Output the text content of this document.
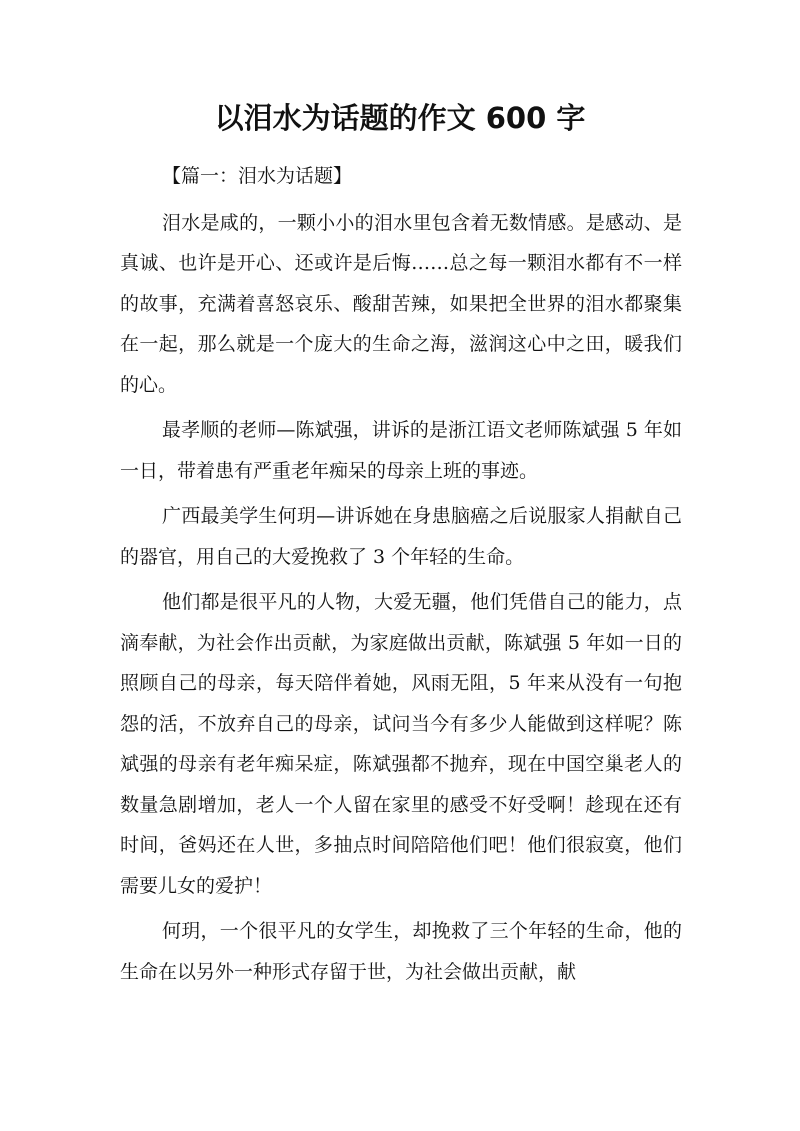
以泪水为话题的作文 600 字

【篇一：泪水为话题】

泪水是咸的，一颗小小的泪水里包含着无数情感。是感动、是真诚、也许是开心、还或许是后悔……总之每一颗泪水都有不一样的故事，充满着喜怒哀乐、酸甜苦辣，如果把全世界的泪水都聚集在一起，那么就是一个庞大的生命之海，滋润这心中之田，暖我们的心。

最孝顺的老师—陈斌强，讲诉的是浙江语文老师陈斌强 5 年如一日，带着患有严重老年痴呆的母亲上班的事迹。

广西最美学生何玥—讲诉她在身患脑癌之后说服家人捐献自己的器官，用自己的大爱挽救了 3 个年轻的生命。

他们都是很平凡的人物，大爱无疆，他们凭借自己的能力，点滴奉献，为社会作出贡献，为家庭做出贡献，陈斌强 5 年如一日的照顾自己的母亲，每天陪伴着她，风雨无阻，5 年来从没有一句抱怨的活，不放弃自己的母亲，试问当今有多少人能做到这样呢？陈斌强的母亲有老年痴呆症，陈斌强都不抛弃，现在中国空巢老人的数量急剧增加，老人一个人留在家里的感受不好受啊！趁现在还有时间，爸妈还在人世，多抽点时间陪陪他们吧！他们很寂寞，他们需要儿女的爱护！

何玥，一个很平凡的女学生，却挽救了三个年轻的生命，他的生命在以另外一种形式存留于世，为社会做出贡献，献
